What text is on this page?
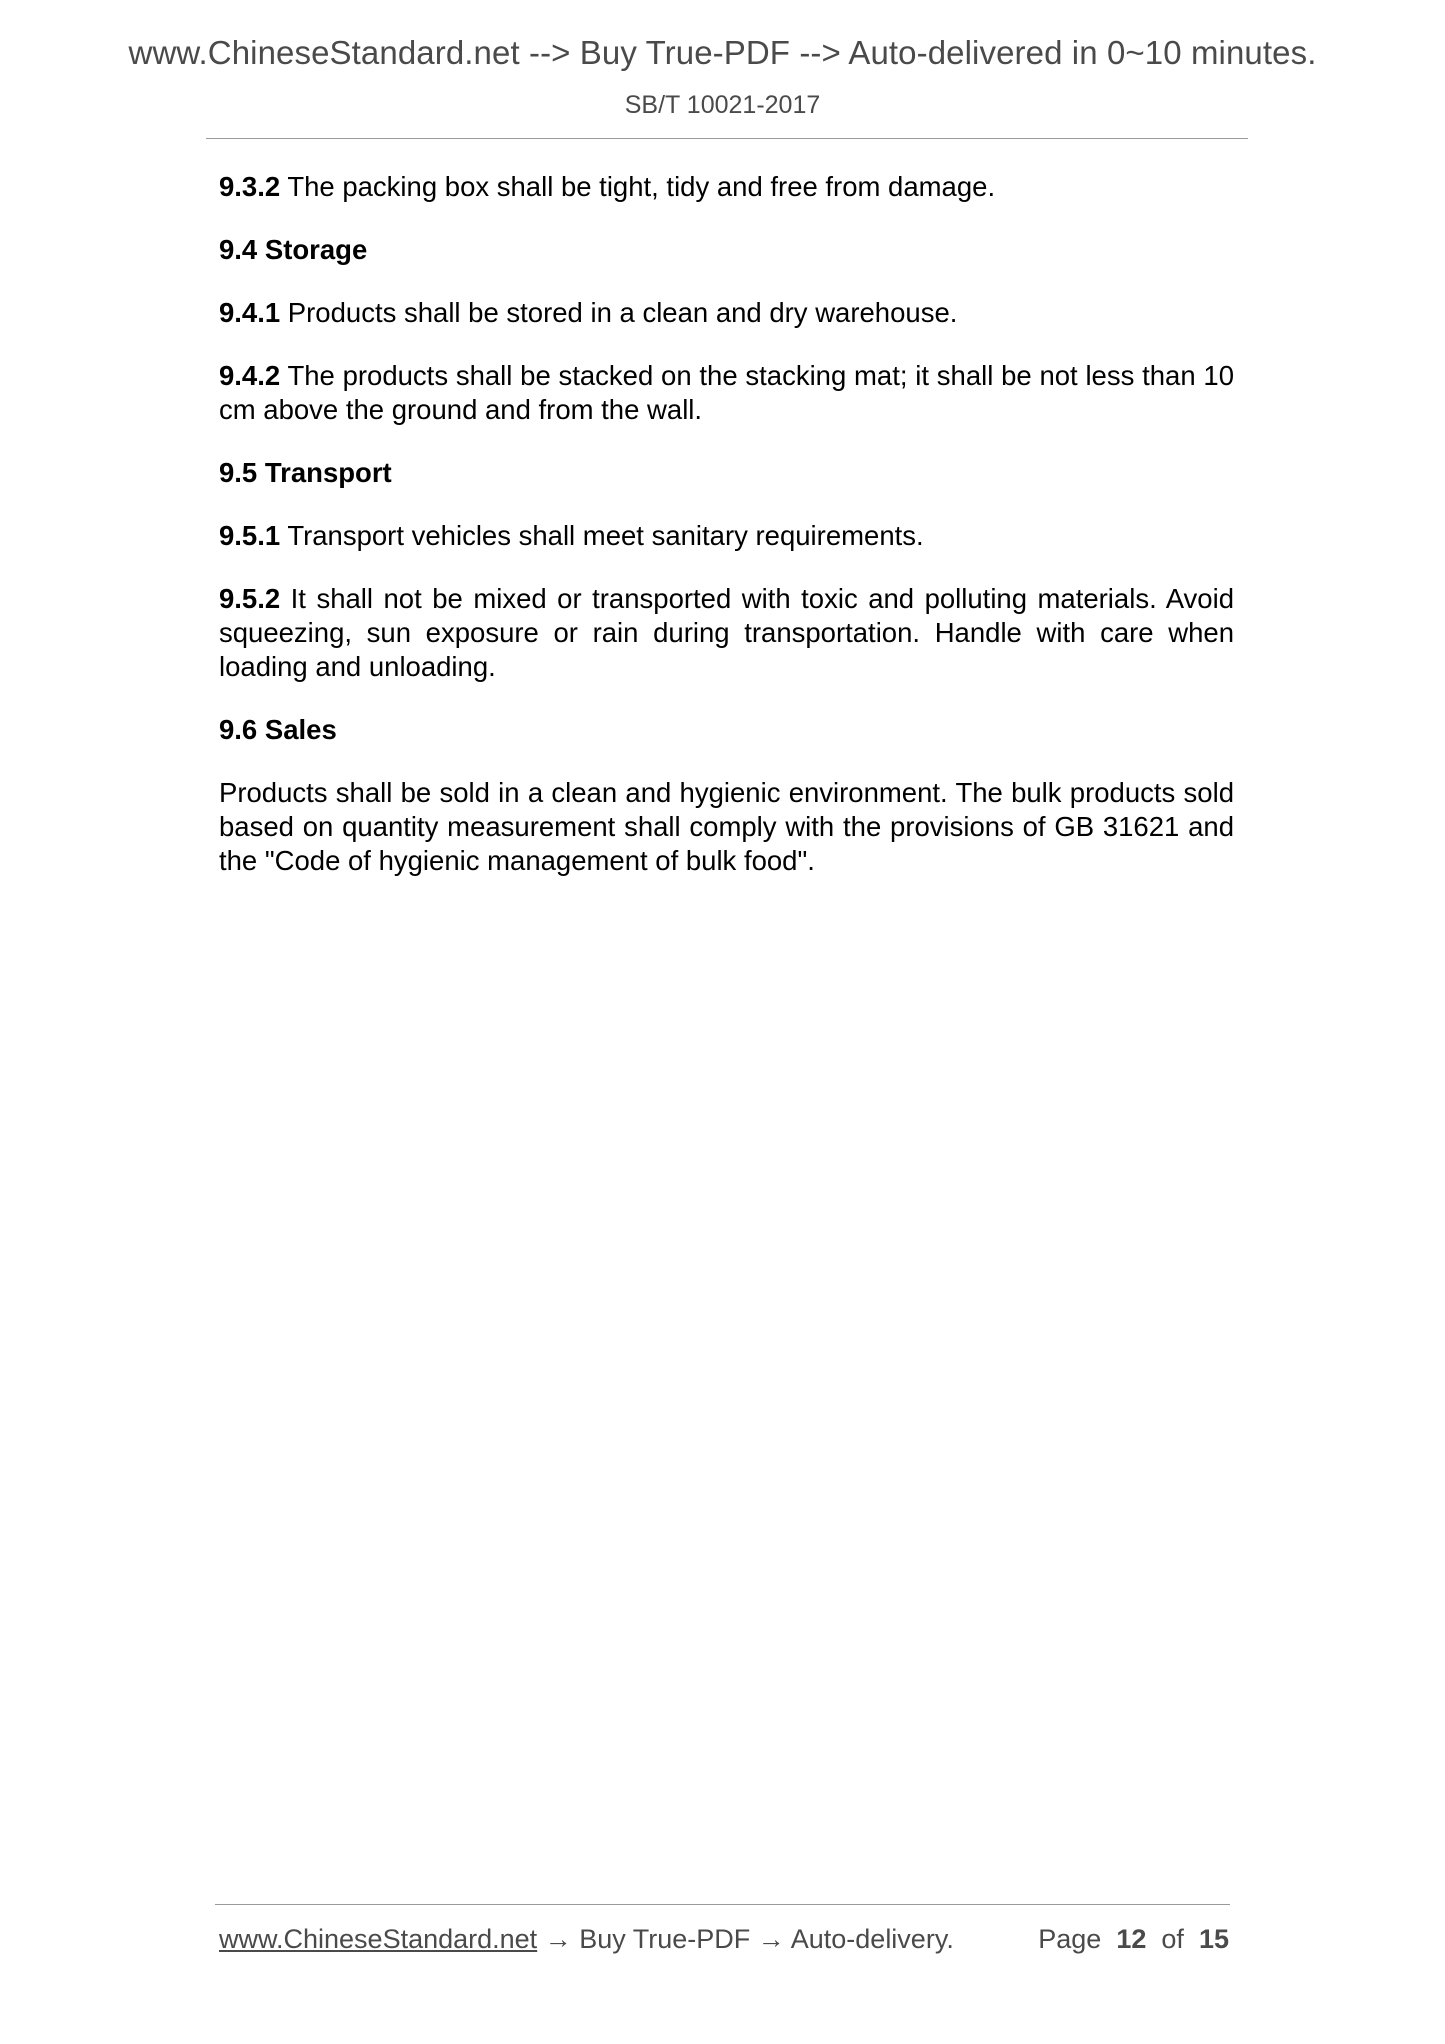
www.ChineseStandard.net --> Buy True-PDF --> Auto-delivered in 0~10 minutes.
SB/T 10021-2017

9.3.2 The packing box shall be tight, tidy and free from damage.

9.4 Storage

9.4.1 Products shall be stored in a clean and dry warehouse.

9.4.2 The products shall be stacked on the stacking mat; it shall be not less than 10 cm above the ground and from the wall.

9.5 Transport

9.5.1 Transport vehicles shall meet sanitary requirements.

9.5.2 It shall not be mixed or transported with toxic and polluting materials. Avoid squeezing, sun exposure or rain during transportation. Handle with care when loading and unloading.

9.6 Sales

Products shall be sold in a clean and hygienic environment. The bulk products sold based on quantity measurement shall comply with the provisions of GB 31621 and the "Code of hygienic management of bulk food".

www.ChineseStandard.net → Buy True-PDF → Auto-delivery.	Page 12 of 15
